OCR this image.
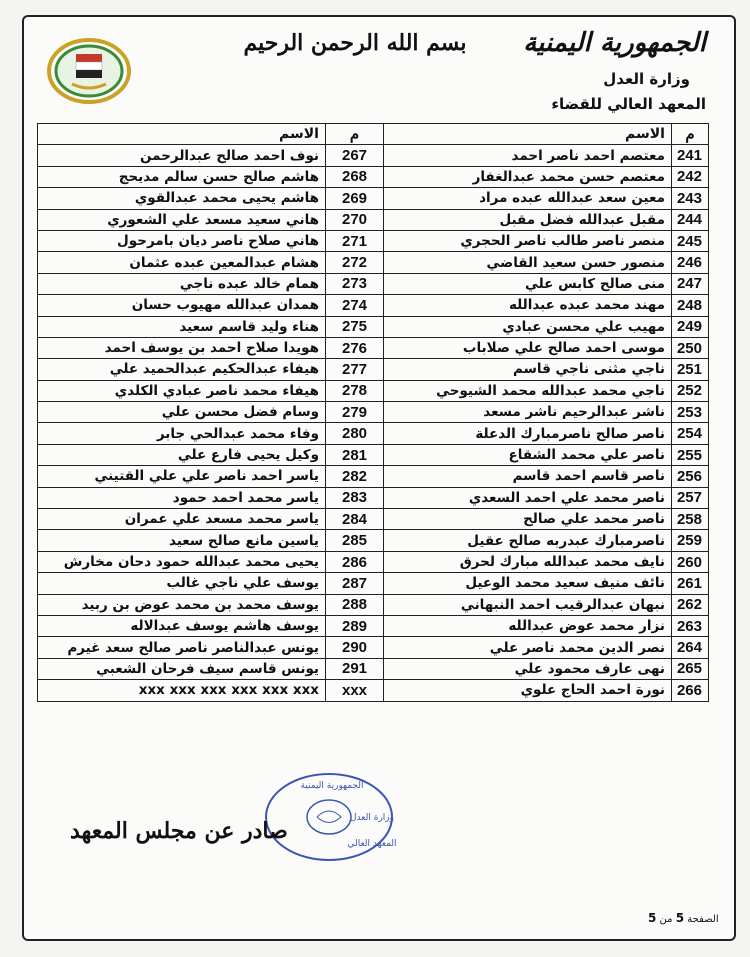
بسم الله الرحمن الرحيم الجمهورية اليمنية
وزارة العدل
المعهد العالي للقضاء
م	الاسم	م	الاسم
241	معتصم احمد ناصر احمد	267	نوف احمد صالح عبدالرحمن
242	معتصم حسن محمد عبدالغفار	268	هاشم صالح حسن سالم مديحج
243	معين سعد عبدالله عبده مراد	269	هاشم يحيى محمد عبدالقوي
244	مقبل عبدالله فضل مقبل	270	هاني سعيد مسعد علي الشعوري
245	منصر ناصر طالب ناصر الحجري	271	هاني صلاح ناصر ديان بامرحول
246	منصور حسن سعيد القاضي	272	هشام عبدالمعين عبده عثمان
247	منى صالح كابس علي	273	همام خالد عبده ناجي
248	مهند محمد عبده عبدالله	274	همدان عبدالله مهيوب حسان
249	مهيب علي محسن عبادي	275	هناء وليد قاسم سعيد
250	موسى احمد صالح علي صلاباب	276	هويدا صلاح احمد بن يوسف احمد
251	ناجي مثنى ناجي قاسم	277	هيفاء عبدالحكيم عبدالحميد علي
252	ناجي محمد عبدالله محمد الشيوحي	278	هيفاء محمد ناصر عبادي الكلدي
253	ناشر عبدالرحيم ناشر مسعد	279	وسام فضل محسن علي
254	ناصر صالح ناصرمبارك الدعلة	280	وفاء محمد عبدالحي جابر
255	ناصر علي محمد الشقاع	281	وكيل يحيى فارع علي
256	ناصر قاسم احمد قاسم	282	ياسر احمد ناصر علي علي القتيني
257	ناصر محمد علي احمد السعدي	283	ياسر محمد احمد حمود
258	ناصر محمد علي صالح	284	ياسر محمد مسعد علي عمران
259	ناصرمبارك عبدربه صالح عقيل	285	ياسين مانع صالح سعيد
260	نايف محمد عبدالله مبارك لحرق	286	يحيى محمد عبدالله حمود دحان مخارش
261	نائف منيف سعيد محمد الوعيل	287	يوسف علي ناجي غالب
262	نبهان عبدالرقيب احمد النبهاني	288	يوسف محمد بن محمد عوض بن ربيد
263	نزار محمد عوض عبدالله	289	يوسف هاشم يوسف عبدالاله
264	نصر الدين محمد ناصر علي	290	يونس عبدالناصر ناصر صالح سعد غيرم
265	نهى عارف محمود علي	291	يونس قاسم سيف فرحان الشعبي
266	نورة احمد الحاج علوي	xxx	xxx xxx xxx xxx xxx xxx
الجمهورية اليمنية
وزارة العدل
المعهد العالي
صادر عن مجلس المعهد
الصفحة 5 من 5
